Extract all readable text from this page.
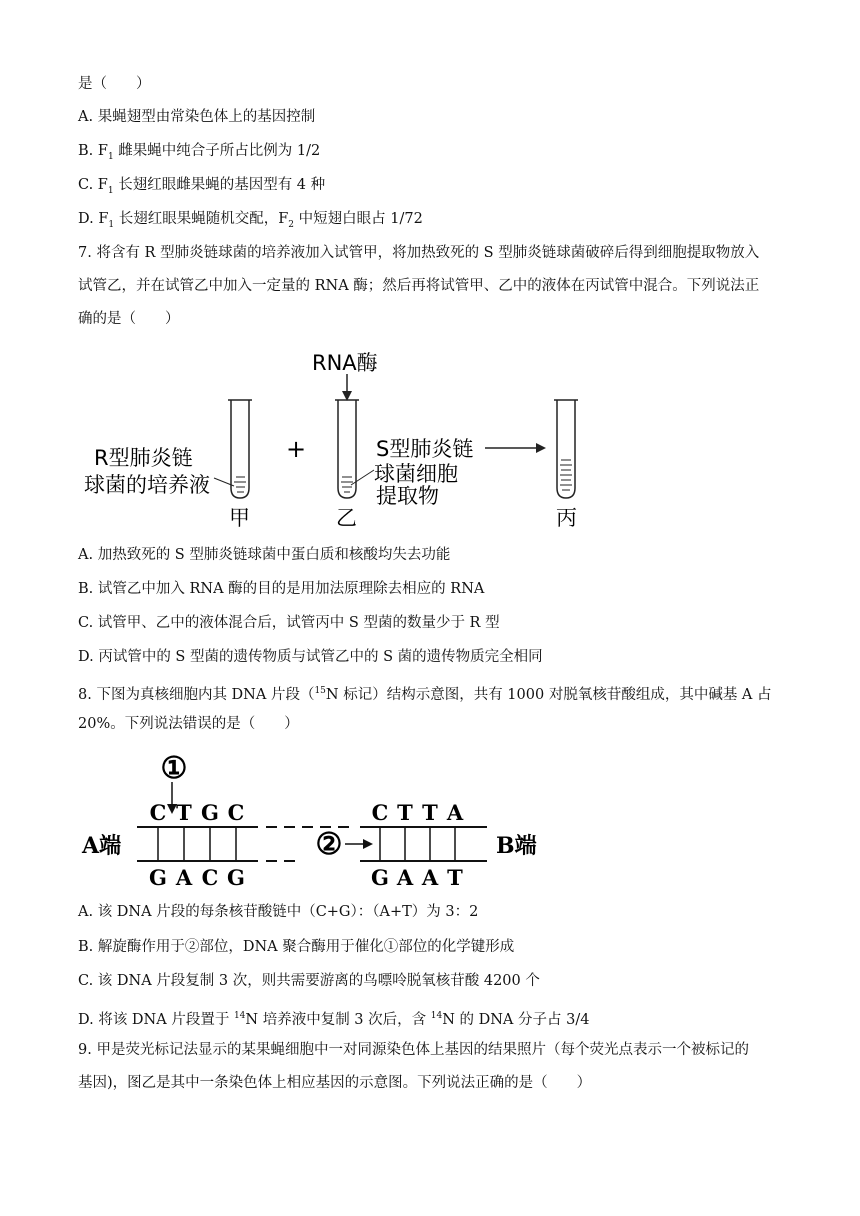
是（　　）
A. 果蝇翅型由常染色体上的基因控制
B. $F_1$ 雌果蝇中纯合子所占比例为 1/2
C. $F_1$ 长翅红眼雌果蝇的基因型有 4 种
D. $F_1$ 长翅红眼果蝇随机交配，$F_2$ 中短翅白眼占 1/72
7. 将含有 R 型肺炎链球菌的培养液加入试管甲，将加热致死的 S 型肺炎链球菌破碎后得到细胞提取物放入
试管乙，并在试管乙中加入一定量的 RNA 酶；然后再将试管甲、乙中的液体在丙试管中混合。下列说法正
确的是（　　）
RNA酶
R型肺炎链
球菌的培养液
+	S型肺炎链
球菌细胞
提取物
甲	乙	丙
A. 加热致死的 S 型肺炎链球菌中蛋白质和核酸均失去功能
B. 试管乙中加入 RNA 酶的目的是用加法原理除去相应的 RNA
C. 试管甲、乙中的液体混合后，试管丙中 S 型菌的数量少于 R 型
D. 丙试管中的 S 型菌的遗传物质与试管乙中的 S 菌的遗传物质完全相同
8. 下图为真核细胞内其 DNA 片段（$^{15}$N 标记）结构示意图，共有 1000 对脱氧核苷酸组成，其中碱基 A 占
20%。下列说法错误的是（　　）
①
C T G C
G A C G
C T T A
G A A T
②
A端	B端
A. 该 DNA 片段的每条核苷酸链中（C+G）：（A+T）为 3：2
B. 解旋酶作用于②部位，DNA 聚合酶用于催化①部位的化学键形成
C. 该 DNA 片段复制 3 次，则共需要游离的鸟嘌呤脱氧核苷酸 4200 个
D. 将该 DNA 片段置于 $^{14}$N 培养液中复制 3 次后，含 $^{14}$N 的 DNA 分子占 3/4
9. 甲是荧光标记法显示的某果蝇细胞中一对同源染色体上基因的结果照片（每个荧光点表示一个被标记的
基因)，图乙是其中一条染色体上相应基因的示意图。下列说法正确的是（　　）
